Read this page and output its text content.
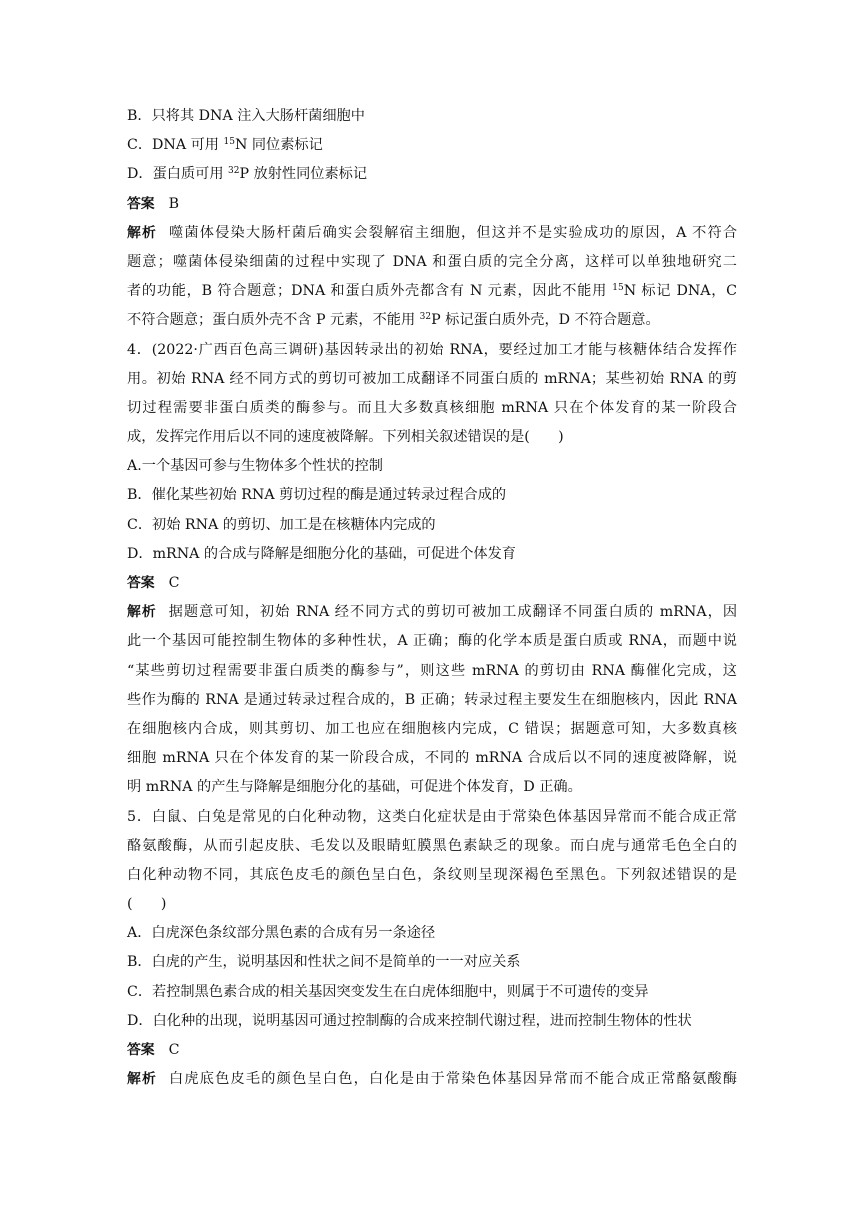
B．只将其 DNA 注入大肠杆菌细胞中
C．DNA 可用 $^{15}$N 同位素标记
D．蛋白质可用 $^{32}$P 放射性同位素标记
答案 B
解析 噬菌体侵染大肠杆菌后确实会裂解宿主细胞，但这并不是实验成功的原因，A 不符合
题意；噬菌体侵染细菌的过程中实现了 DNA 和蛋白质的完全分离，这样可以单独地研究二
者的功能，B 符合题意；DNA 和蛋白质外壳都含有 N 元素，因此不能用 $^{15}$N 标记 DNA，C
不符合题意；蛋白质外壳不含 P 元素，不能用 $^{32}$P 标记蛋白质外壳，D 不符合题意。
4．(2022·广西百色高三调研)基因转录出的初始 RNA，要经过加工才能与核糖体结合发挥作
用。初始 RNA 经不同方式的剪切可被加工成翻译不同蛋白质的 mRNA；某些初始 RNA 的剪
切过程需要非蛋白质类的酶参与。而且大多数真核细胞 mRNA 只在个体发育的某一阶段合
成，发挥完作用后以不同的速度被降解。下列相关叙述错误的是(　　)
A.一个基因可参与生物体多个性状的控制
B．催化某些初始 RNA 剪切过程的酶是通过转录过程合成的
C．初始 RNA 的剪切、加工是在核糖体内完成的
D．mRNA 的合成与降解是细胞分化的基础，可促进个体发育
答案 C
解析 据题意可知，初始 RNA 经不同方式的剪切可被加工成翻译不同蛋白质的 mRNA，因
此一个基因可能控制生物体的多种性状，A 正确；酶的化学本质是蛋白质或 RNA，而题中说
“某些剪切过程需要非蛋白质类的酶参与”，则这些 mRNA 的剪切由 RNA 酶催化完成，这
些作为酶的 RNA 是通过转录过程合成的，B 正确；转录过程主要发生在细胞核内，因此 RNA
在细胞核内合成，则其剪切、加工也应在细胞核内完成，C 错误；据题意可知，大多数真核
细胞 mRNA 只在个体发育的某一阶段合成，不同的 mRNA 合成后以不同的速度被降解，说
明 mRNA 的产生与降解是细胞分化的基础，可促进个体发育，D 正确。
5．白鼠、白兔是常见的白化种动物，这类白化症状是由于常染色体基因异常而不能合成正常
酪氨酸酶，从而引起皮肤、毛发以及眼睛虹膜黑色素缺乏的现象。而白虎与通常毛色全白的
白化种动物不同，其底色皮毛的颜色呈白色，条纹则呈现深褐色至黑色。下列叙述错误的是
(　　)
A．白虎深色条纹部分黑色素的合成有另一条途径
B．白虎的产生，说明基因和性状之间不是简单的一一对应关系
C．若控制黑色素合成的相关基因突变发生在白虎体细胞中，则属于不可遗传的变异
D．白化种的出现，说明基因可通过控制酶的合成来控制代谢过程，进而控制生物体的性状
答案 C
解析 白虎底色皮毛的颜色呈白色，白化是由于常染色体基因异常而不能合成正常酪氨酸酶
